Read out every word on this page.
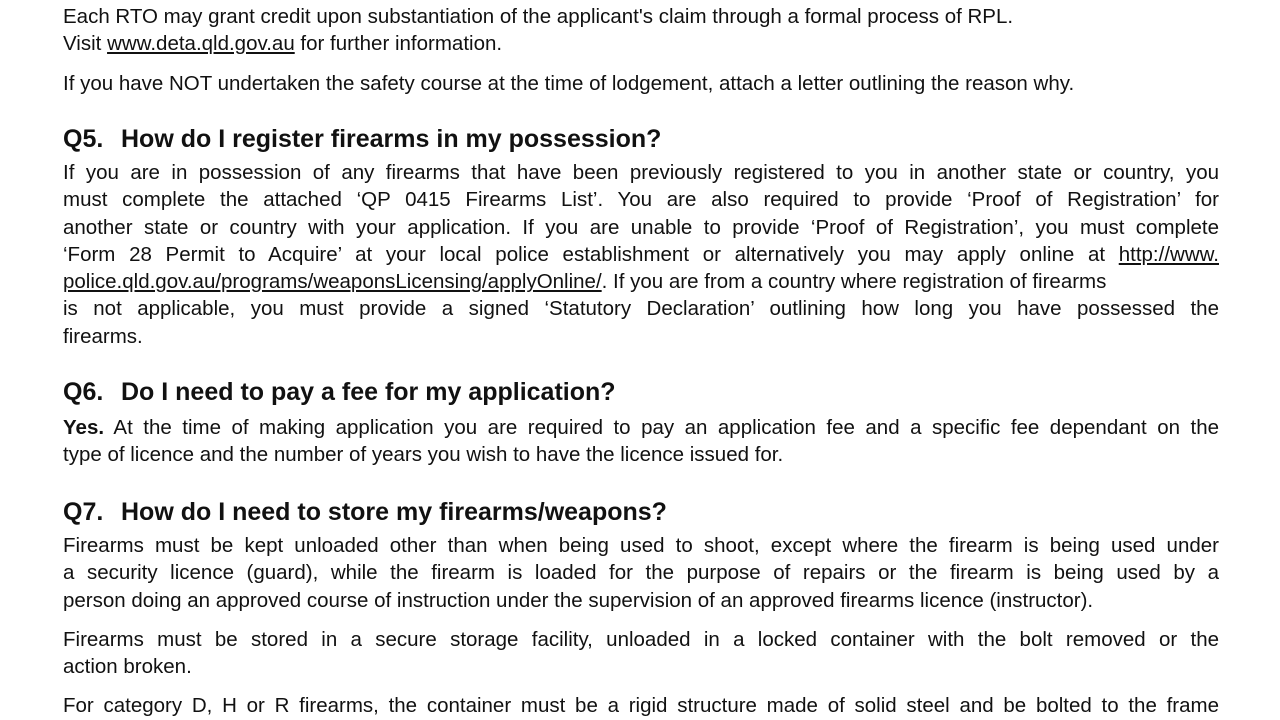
Each RTO may grant credit upon substantiation of the applicant's claim through a formal process of RPL.
Visit www.deta.qld.gov.au for further information.
If you have NOT undertaken the safety course at the time of lodgement, attach a letter outlining the reason why.
Q5. How do I register firearms in my possession?
If you are in possession of any firearms that have been previously registered to you in another state or country, you
must complete the attached ‘QP 0415 Firearms List’. You are also required to provide ‘Proof of Registration’ for
another state or country with your application. If you are unable to provide ‘Proof of Registration’, you must complete
‘Form 28 Permit to Acquire’ at your local police establishment or alternatively you may apply online at http://www.
police.qld.gov.au/programs/weaponsLicensing/applyOnline/. If you are from a country where registration of firearms
is not applicable, you must provide a signed ‘Statutory Declaration’ outlining how long you have possessed the
firearms.
Q6. Do I need to pay a fee for my application?
Yes. At the time of making application you are required to pay an application fee and a specific fee dependant on the
type of licence and the number of years you wish to have the licence issued for.
Q7. How do I need to store my firearms/weapons?
Firearms must be kept unloaded other than when being used to shoot, except where the firearm is being used under
a security licence (guard), while the firearm is loaded for the purpose of repairs or the firearm is being used by a
person doing an approved course of instruction under the supervision of an approved firearms licence (instructor).
Firearms must be stored in a secure storage facility, unloaded in a locked container with the bolt removed or the
action broken.
For category D, H or R firearms, the container must be a rigid structure made of solid steel and be bolted to the frame
